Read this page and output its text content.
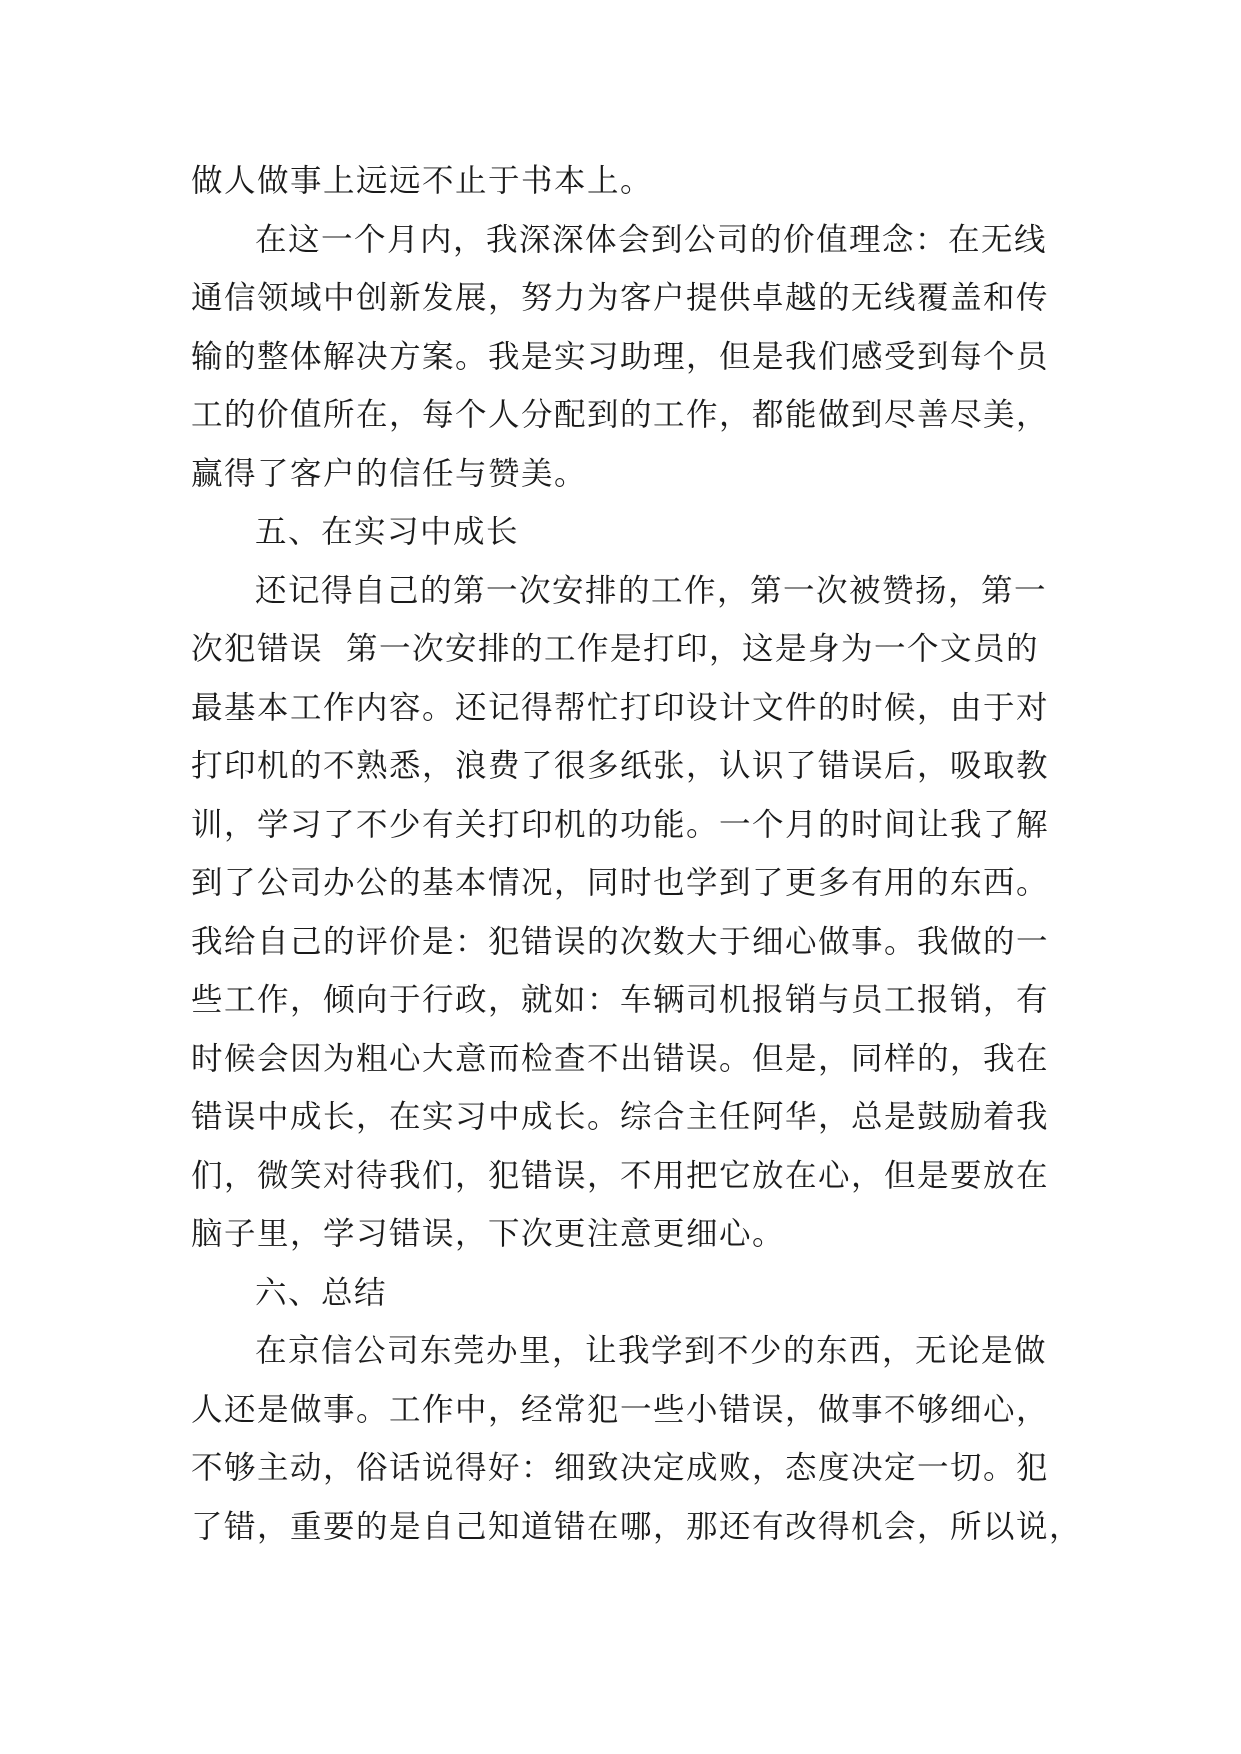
做人做事上远远不止于书本上。
在这一个月内，我深深体会到公司的价值理念：在无线
通信领域中创新发展，努力为客户提供卓越的无线覆盖和传
输的整体解决方案。我是实习助理，但是我们感受到每个员
工的价值所在，每个人分配到的工作，都能做到尽善尽美，
赢得了客户的信任与赞美。
五、在实习中成长
还记得自己的第一次安排的工作，第一次被赞扬，第一
次犯错误  第一次安排的工作是打印，这是身为一个文员的
最基本工作内容。还记得帮忙打印设计文件的时候，由于对
打印机的不熟悉，浪费了很多纸张，认识了错误后，吸取教
训，学习了不少有关打印机的功能。一个月的时间让我了解
到了公司办公的基本情况，同时也学到了更多有用的东西。
我给自己的评价是：犯错误的次数大于细心做事。我做的一
些工作，倾向于行政，就如：车辆司机报销与员工报销，有
时候会因为粗心大意而检查不出错误。但是，同样的，我在
错误中成长，在实习中成长。综合主任阿华，总是鼓励着我
们，微笑对待我们，犯错误，不用把它放在心，但是要放在
脑子里，学习错误，下次更注意更细心。
六、总结
在京信公司东莞办里，让我学到不少的东西，无论是做
人还是做事。工作中，经常犯一些小错误，做事不够细心，
不够主动，俗话说得好：细致决定成败，态度决定一切。犯
了错，重要的是自己知道错在哪，那还有改得机会，所以说，
